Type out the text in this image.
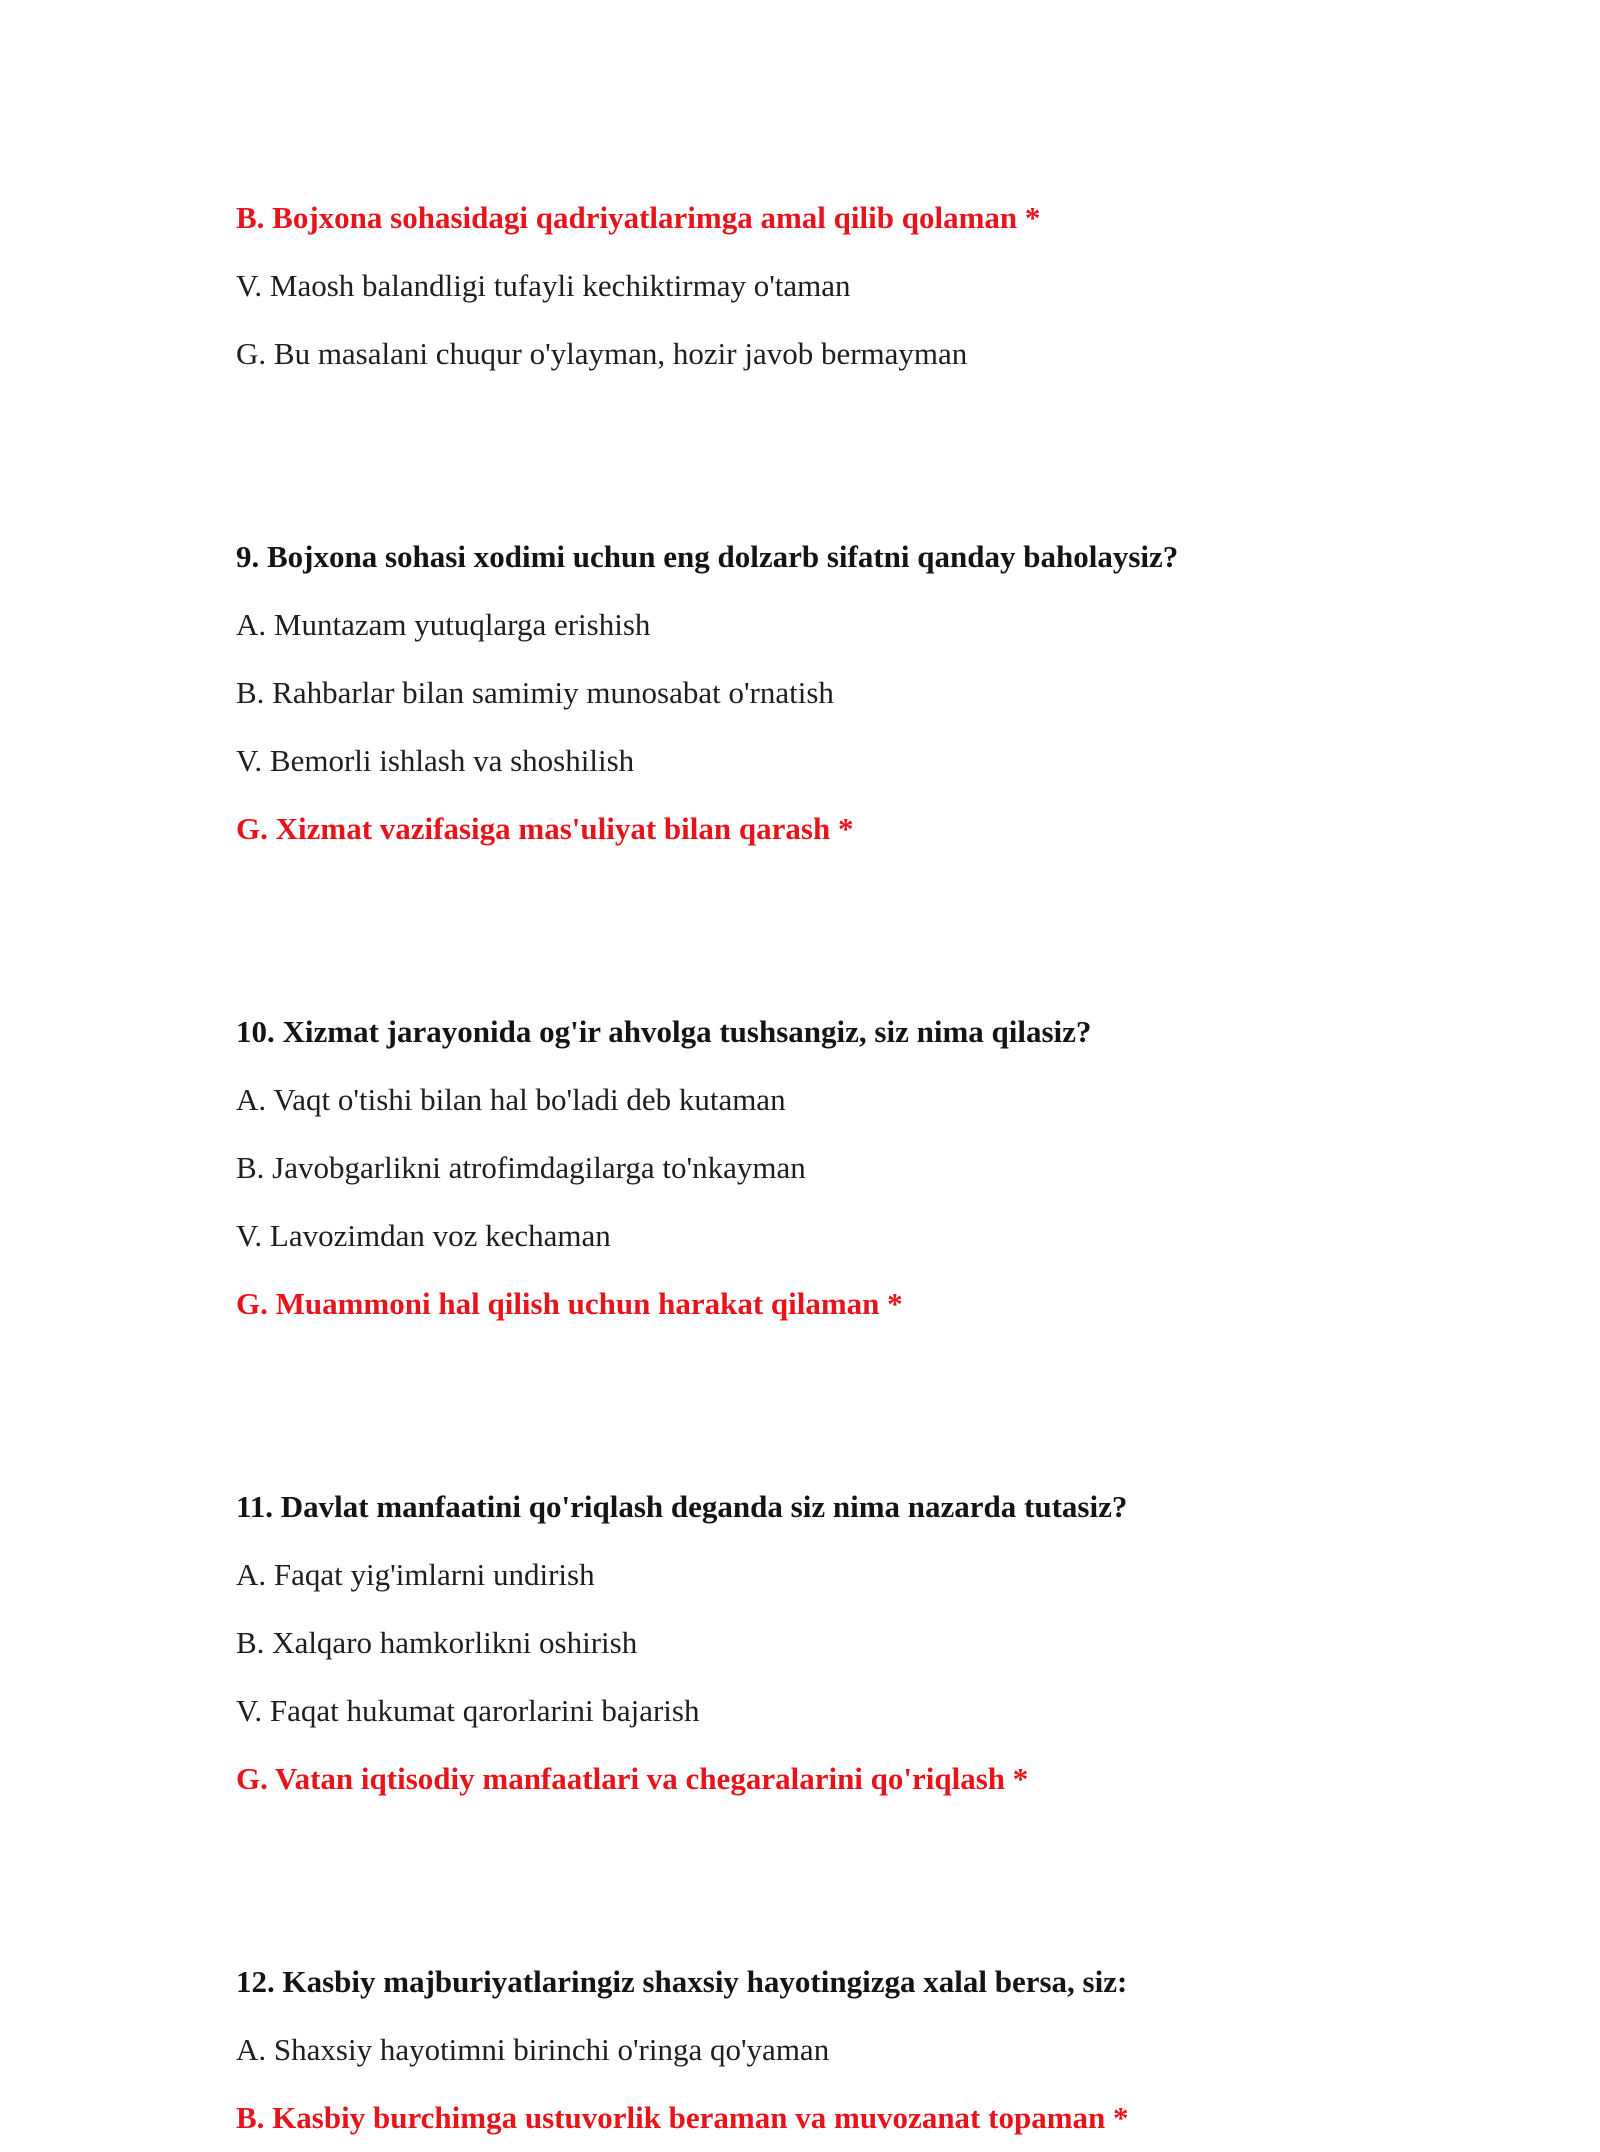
B. Bojxona sohasidagi qadriyatlarimga amal qilib qolaman *
V. Maosh balandligi tufayli kechiktirmay o'taman
G. Bu masalani chuqur o'ylayman, hozir javob bermayman
9. Bojxona sohasi xodimi uchun eng dolzarb sifatni qanday baholaysiz?
A. Muntazam yutuqlarga erishish
B. Rahbarlar bilan samimiy munosabat o'rnatish
V. Bemorli ishlash va shoshilish
G. Xizmat vazifasiga mas'uliyat bilan qarash *
10. Xizmat jarayonida og'ir ahvolga tushsangiz, siz nima qilasiz?
A. Vaqt o'tishi bilan hal bo'ladi deb kutaman
B. Javobgarlikni atrofimdagilarga to'nkayman
V. Lavozimdan voz kechaman
G. Muammoni hal qilish uchun harakat qilaman *
11. Davlat manfaatini qo'riqlash deganda siz nima nazarda tutasiz?
A. Faqat yig'imlarni undirish
B. Xalqaro hamkorlikni oshirish
V. Faqat hukumat qarorlarini bajarish
G. Vatan iqtisodiy manfaatlari va chegaralarini qo'riqlash *
12. Kasbiy majburiyatlaringiz shaxsiy hayotingizga xalal bersa, siz:
A. Shaxsiy hayotimni birinchi o'ringa qo'yaman
B. Kasbiy burchimga ustuvorlik beraman va muvozanat topaman *
